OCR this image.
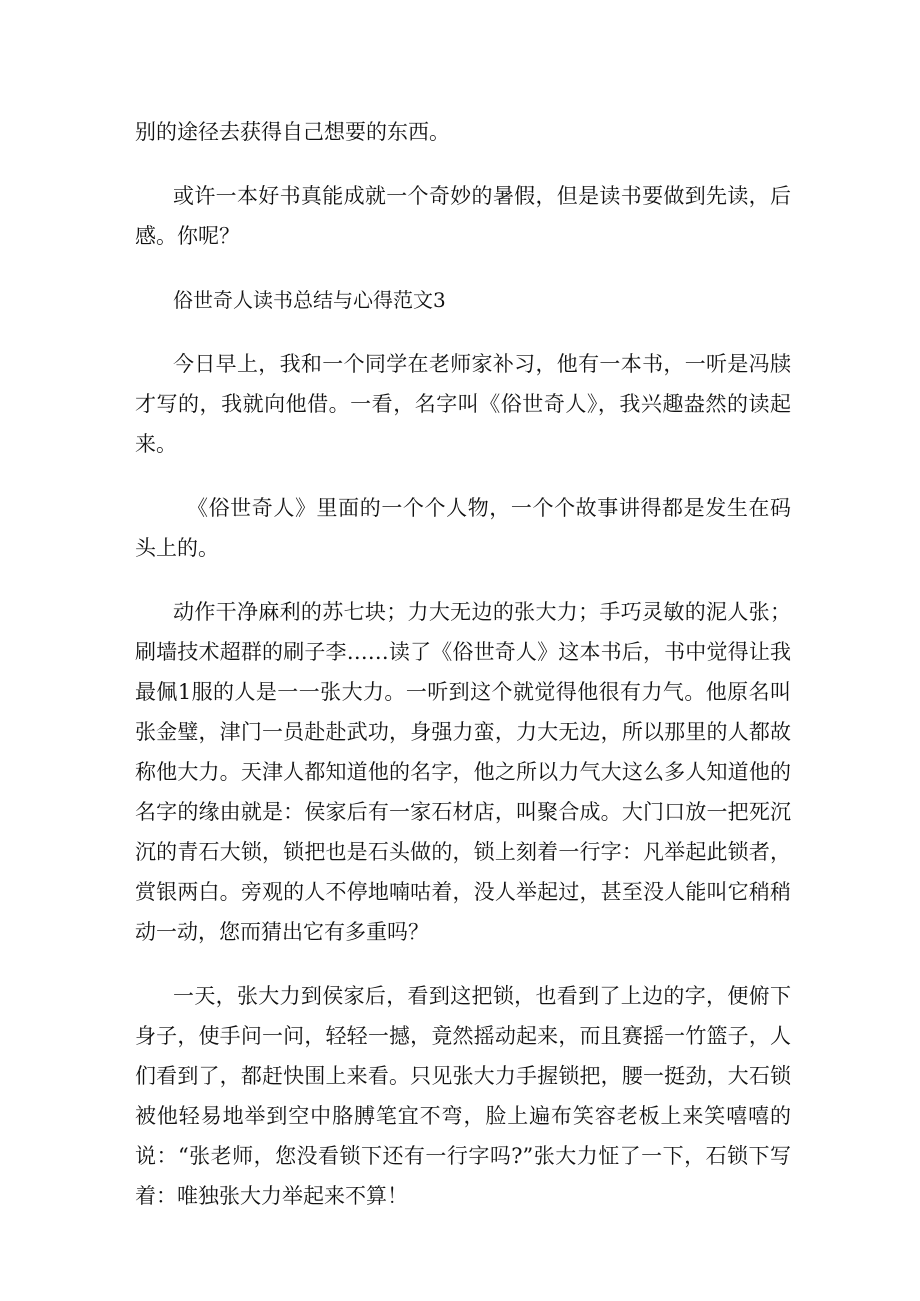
别的途径去获得自己想要的东西。

或许一本好书真能成就一个奇妙的暑假，但是读书要做到先读，后感。你呢？

俗世奇人读书总结与心得范文3

今日早上，我和一个同学在老师家补习，他有一本书，一听是冯牍才写的，我就向他借。一看，名字叫《俗世奇人》，我兴趣盎然的读起来。

《俗世奇人》里面的一个个人物，一个个故事讲得都是发生在码头上的。

动作干净麻利的苏七块；力大无边的张大力；手巧灵敏的泥人张；刷墙技术超群的刷子李……读了《俗世奇人》这本书后，书中觉得让我最佩1服的人是一一张大力。一听到这个就觉得他很有力气。他原名叫张金璧，津门一员赴赴武功，身强力蛮，力大无边，所以那里的人都故称他大力。天津人都知道他的名字，他之所以力气大这么多人知道他的名字的缘由就是：侯家后有一家石材店，叫聚合成。大门口放一把死沉沉的青石大锁，锁把也是石头做的，锁上刻着一行字：凡举起此锁者，赏银两白。旁观的人不停地喃咕着，没人举起过，甚至没人能叫它稍稍动一动，您而猜出它有多重吗？

一天，张大力到侯家后，看到这把锁，也看到了上边的字，便俯下身子，使手问一问，轻轻一撼，竟然摇动起来，而且赛摇一竹篮子，人们看到了，都赶快围上来看。只见张大力手握锁把，腰一挺劲，大石锁被他轻易地举到空中胳膊笔宜不弯，脸上遍布笑容老板上来笑嘻嘻的说：“张老师，您没看锁下还有一行字吗?”张大力怔了一下，石锁下写着：唯独张大力举起来不算！
